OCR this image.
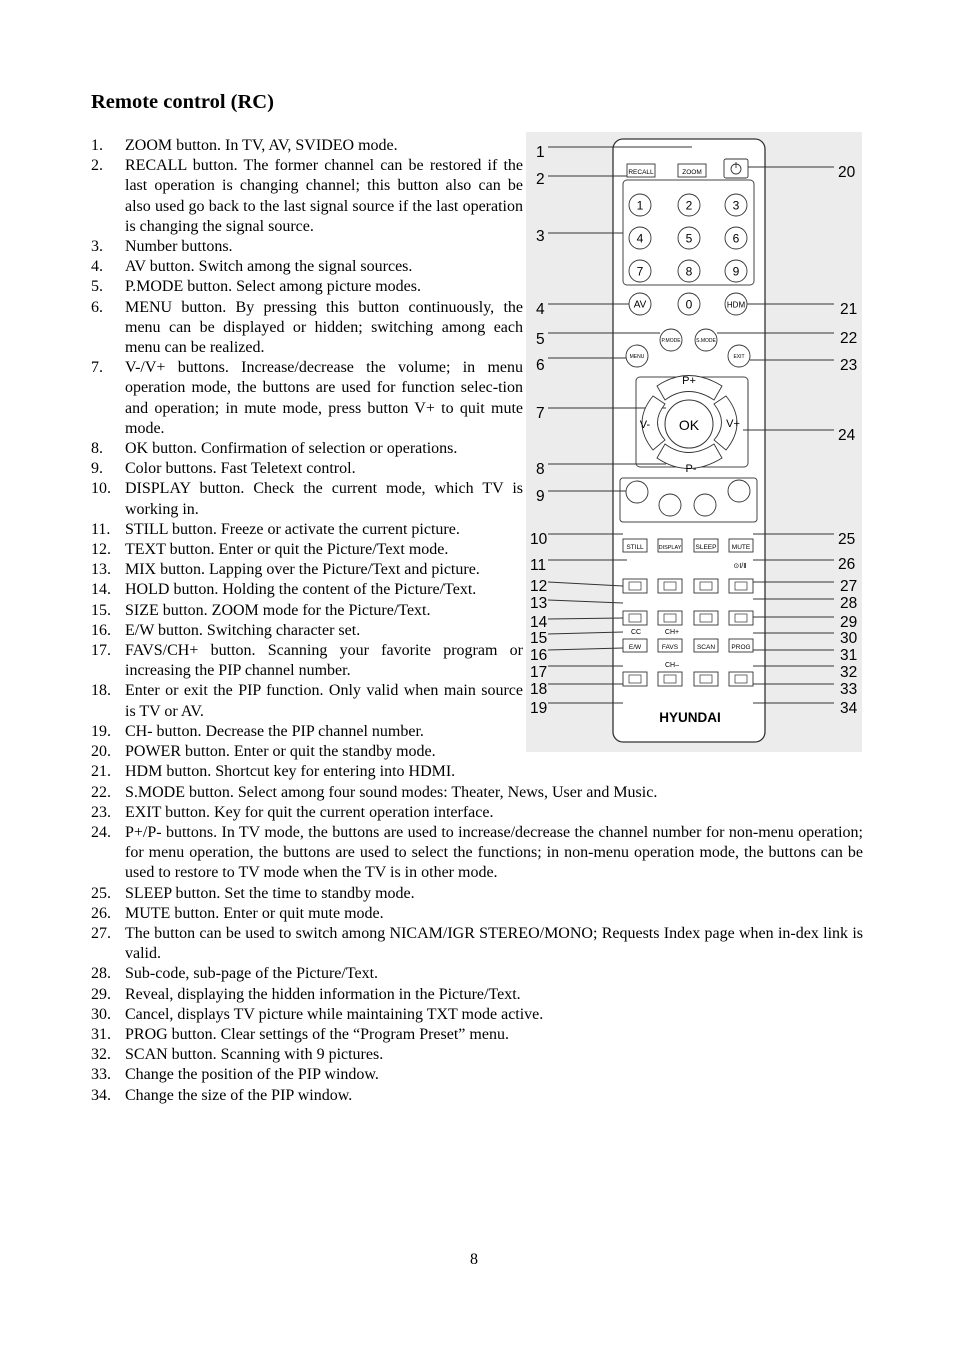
Remote control (RC)
1. ZOOM button. In TV, AV, SVIDEO mode.
2. RECALL button. The former channel can be restored if the last operation is changing channel; this button also can be also used go back to the last signal source if the last operation is changing the signal source.
3. Number buttons.
4. AV button. Switch among the signal sources.
5. P.MODE button. Select among picture modes.
6. MENU button. By pressing this button continuously, the menu can be displayed or hidden; switching among each menu can be realized.
7. V-/V+ buttons. Increase/decrease the volume; in menu operation mode, the buttons are used for function selec-tion and operation; in mute mode, press button V+ to quit mute mode.
8. OK button. Confirmation of selection or operations.
9. Color buttons. Fast Teletext control.
10. DISPLAY button. Check the current mode, which TV is working in.
11. STILL button. Freeze or activate the current picture.
12. TEXT button. Enter or quit the Picture/Text mode.
13. MIX button. Lapping over the Picture/Text and picture.
14. HOLD button. Holding the content of the Picture/Text.
15. SIZE button. ZOOM mode for the Picture/Text.
16. E/W button. Switching character set.
17. FAVS/CH+ button. Scanning your favorite program or increasing the PIP channel number.
18. Enter or exit the PIP function. Only valid when main source is TV or AV.
19. CH- button. Decrease the PIP channel number.
20. POWER button. Enter or quit the standby mode.
21. HDM button. Shortcut key for entering into HDMI.
22. S.MODE button. Select among four sound modes: Theater, News, User and Music.
23. EXIT button. Key for quit the current operation interface.
24. P+/P- buttons. In TV mode, the buttons are used to increase/decrease the channel number for non-menu operation; for menu operation, the buttons are used to select the functions; in non-menu operation mode, the buttons can be used to restore to TV mode when the TV is in other mode.
25. SLEEP button. Set the time to standby mode.
26. MUTE button. Enter or quit mute mode.
27. The button can be used to switch among NICAM/IGR STEREO/MONO; Requests Index page when in-dex link is valid.
28. Sub-code, sub-page of the Picture/Text.
29. Reveal, displaying the hidden information in the Picture/Text.
30. Cancel, displays TV picture while maintaining TXT mode active.
31. PROG button. Clear settings of the “Program Preset” menu.
32. SCAN button. Scanning with 9 pictures.
33. Change the position of the PIP window.
34. Change the size of the PIP window.
1
2
3
4
5
6
7
8
9
10
11
12
13
14
15
16
17
18
19
20
21
22
23
24
25
26
27
28
29
30
31
32
33
34
RECALL	ZOOM
STILL	DISPLAY SLEEP MUTE
E/W	FAVS	SCAN	PROG
CC	CH+
CH–
⊙Ⅰ/Ⅱ
1	2	3
4	5	6
7	8	9
AV	0	HDM
P.MODE	S.MODE
MENU	EXIT
P+
P-
V-	V+
OK
HYUNDAI
8
